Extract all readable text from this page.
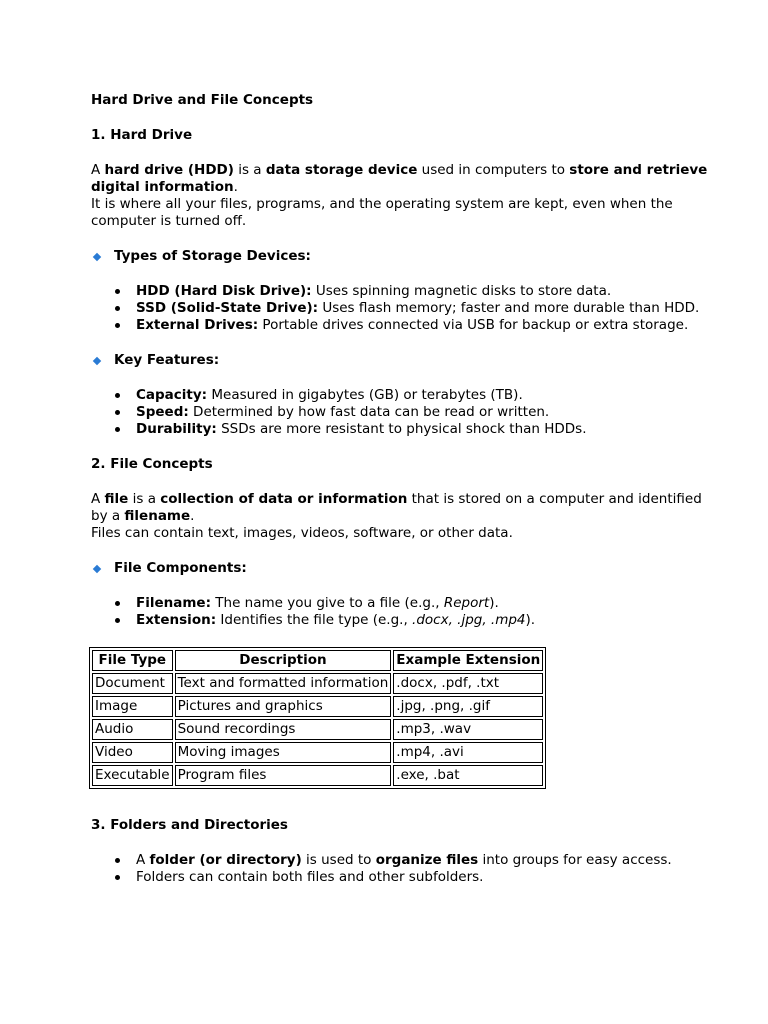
Hard Drive and File Concepts

1. Hard Drive

A hard drive (HDD) is a data storage device used in computers to store and retrieve digital information.
It is where all your files, programs, and the operating system are kept, even when the computer is turned off.

Types of Storage Devices:
HDD (Hard Disk Drive): Uses spinning magnetic disks to store data.
SSD (Solid-State Drive): Uses flash memory; faster and more durable than HDD.
External Drives: Portable drives connected via USB for backup or extra storage.
Key Features:
Capacity: Measured in gigabytes (GB) or terabytes (TB).
Speed: Determined by how fast data can be read or written.
Durability: SSDs are more resistant to physical shock than HDDs.

2. File Concepts

A file is a collection of data or information that is stored on a computer and identified by a filename.
Files can contain text, images, videos, software, or other data.

File Components:
Filename: The name you give to a file (e.g., Report).
Extension: Identifies the file type (e.g., .docx, .jpg, .mp4).
File Type	Description	Example Extension
Document	Text and formatted information	.docx, .pdf, .txt
Image	Pictures and graphics	.jpg, .png, .gif
Audio	Sound recordings	.mp3, .wav
Video	Moving images	.mp4, .avi
Executable	Program files	.exe, .bat

3. Folders and Directories

A folder (or directory) is used to organize files into groups for easy access.
Folders can contain both files and other subfolders.
